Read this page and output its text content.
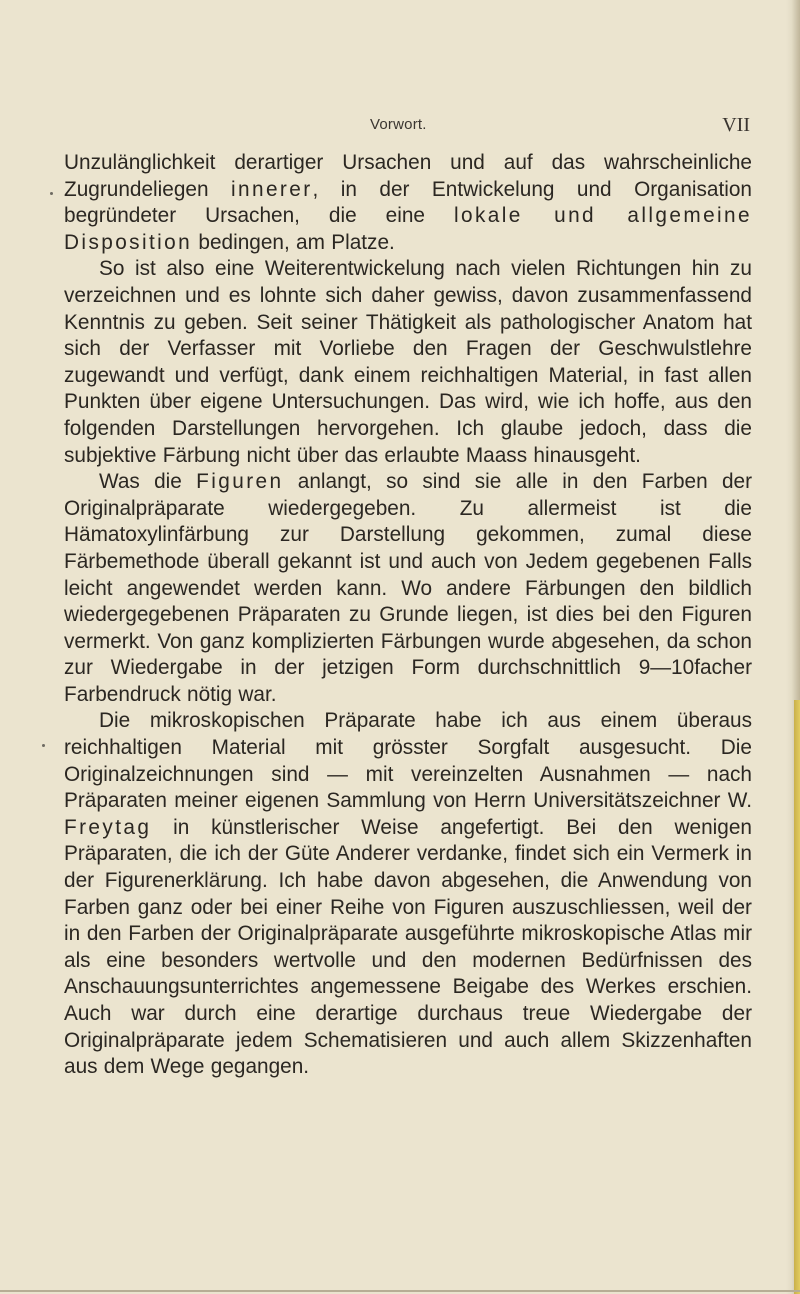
Vorwort.	VII

Unzulänglichkeit derartiger Ursachen und auf das wahrscheinliche Zugrundeliegen innerer, in der Entwickelung und Organisation begründeter Ursachen, die eine lokale und allgemeine Disposition bedingen, am Platze.

So ist also eine Weiterentwickelung nach vielen Richtungen hin zu verzeichnen und es lohnte sich daher gewiss, davon zusammenfassend Kenntnis zu geben. Seit seiner Thätigkeit als pathologischer Anatom hat sich der Verfasser mit Vorliebe den Fragen der Geschwulstlehre zugewandt und verfügt, dank einem reichhaltigen Material, in fast allen Punkten über eigene Untersuchungen. Das wird, wie ich hoffe, aus den folgenden Darstellungen hervorgehen. Ich glaube jedoch, dass die subjektive Färbung nicht über das erlaubte Maass hinausgeht.

Was die Figuren anlangt, so sind sie alle in den Farben der Originalpräparate wiedergegeben. Zu allermeist ist die Hämatoxylinfärbung zur Darstellung gekommen, zumal diese Färbemethode überall gekannt ist und auch von Jedem gegebenen Falls leicht angewendet werden kann. Wo andere Färbungen den bildlich wiedergegebenen Präparaten zu Grunde liegen, ist dies bei den Figuren vermerkt. Von ganz komplizierten Färbungen wurde abgesehen, da schon zur Wiedergabe in der jetzigen Form durchschnittlich 9—10facher Farbendruck nötig war.

Die mikroskopischen Präparate habe ich aus einem überaus reichhaltigen Material mit grösster Sorgfalt ausgesucht. Die Originalzeichnungen sind — mit vereinzelten Ausnahmen — nach Präparaten meiner eigenen Sammlung von Herrn Universitätszeichner W. Freytag in künstlerischer Weise angefertigt. Bei den wenigen Präparaten, die ich der Güte Anderer verdanke, findet sich ein Vermerk in der Figurenerklärung. Ich habe davon abgesehen, die Anwendung von Farben ganz oder bei einer Reihe von Figuren auszuschliessen, weil der in den Farben der Originalpräparate ausgeführte mikroskopische Atlas mir als eine besonders wertvolle und den modernen Bedürfnissen des Anschauungsunterrichtes angemessene Beigabe des Werkes erschien. Auch war durch eine derartige durchaus treue Wiedergabe der Originalpräparate jedem Schematisieren und auch allem Skizzenhaften aus dem Wege gegangen.
